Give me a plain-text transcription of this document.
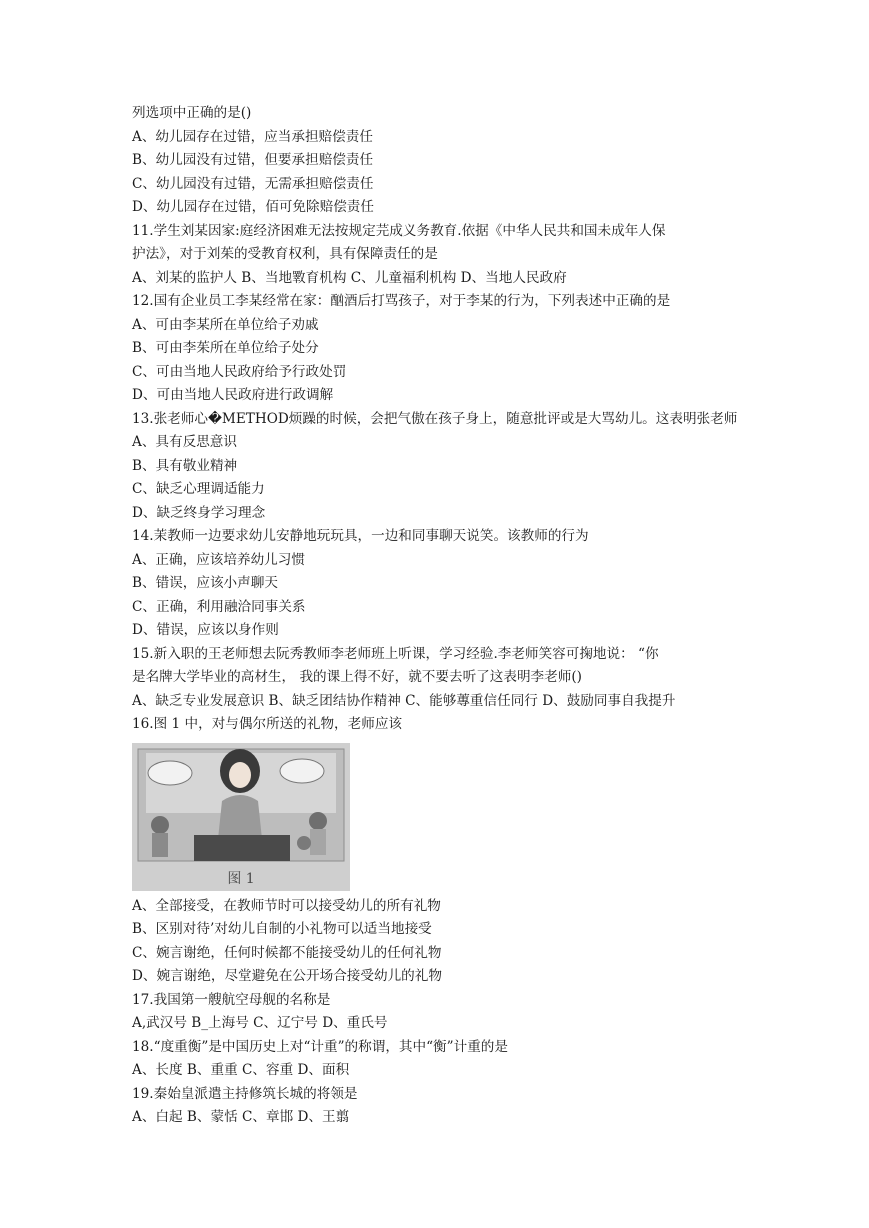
列选项中正确的是()
A、幼儿园存在过错，应当承担赔偿责任
B、幼儿园没有过错，但要承担赔偿责任
C、幼儿园没有过错，无需承担赔偿责任
D、幼儿园存在过错，佰可免除赔偿责任
11.学生刘某因家:庭经济困难无法按规定芫成义务教育.依据《中华人民共和国未成年人保
护法》，对于刘茱的受教育权利，具有保障责任的是
A、刘某的监护人 B、当地斁育机构 C、儿童福利机构 D、当地人民政府
12.国有企业员工李某经常在家：酗酒后打骂孩子，对于李某的行为，下列表述中正确的是
A、可由李某所在单位给子劝戚
B、可由李茱所在单位给子处分
C、可由当地人民政府给予行政处罚
D、可由当地人民政府进行政调解
13.张老师心�METHOD烦躁的时候，会把气傲在孩子身上，随意批评或是大骂幼儿。这表明张老师
A、具有反思意识
B、具有敬业精神
C、缺乏心理调适能力
D、缺乏终身学习理念
14.茉教师一边要求幼儿安静地玩玩具，一边和同事聊天说笑。该教师的行为
A、正确，应该培养幼儿习惯
B、错误，应该小声聊天
C、正确，利用融洽同事关系
D、错误，应该以身作则
15.新入职的王老师想去阮秀教师李老师班上听课，学习经验.李老师笑容可掬地说： “你
是名牌大学毕业的高材生， 我的课上得不好，就不要去听了这表明李老师()
A、缺乏专业发展意识 B、缺乏团结协作精神 C、能够蓴重信任同行 D、鼓励同事自我提升
16.图 1 中，对与偶尔所送的礼物，老师应该
图 1
A、全部接受，在教师节时可以接受幼儿的所有礼物
B、区别对待’对幼儿自制的小礼物可以适当地接受
C、婉言谢绝，任何时候都不能接受幼儿的任何礼物
D、婉言谢绝，尽堂避免在公开场合接受幼儿的礼物
17.我国第一艘航空母舰的名称是
A,武汉号 B_上海号 C、辽宁号 D、重氏号
18.“度重衡”是中国历史上对“计重”的称谓，其中“衡”计重的是
A、长度 B、重重 C、容重 D、面积
19.秦始皇派遣主持修筑长城的将领是
A、白起 B、蒙恬 C、章邯 D、王翦
